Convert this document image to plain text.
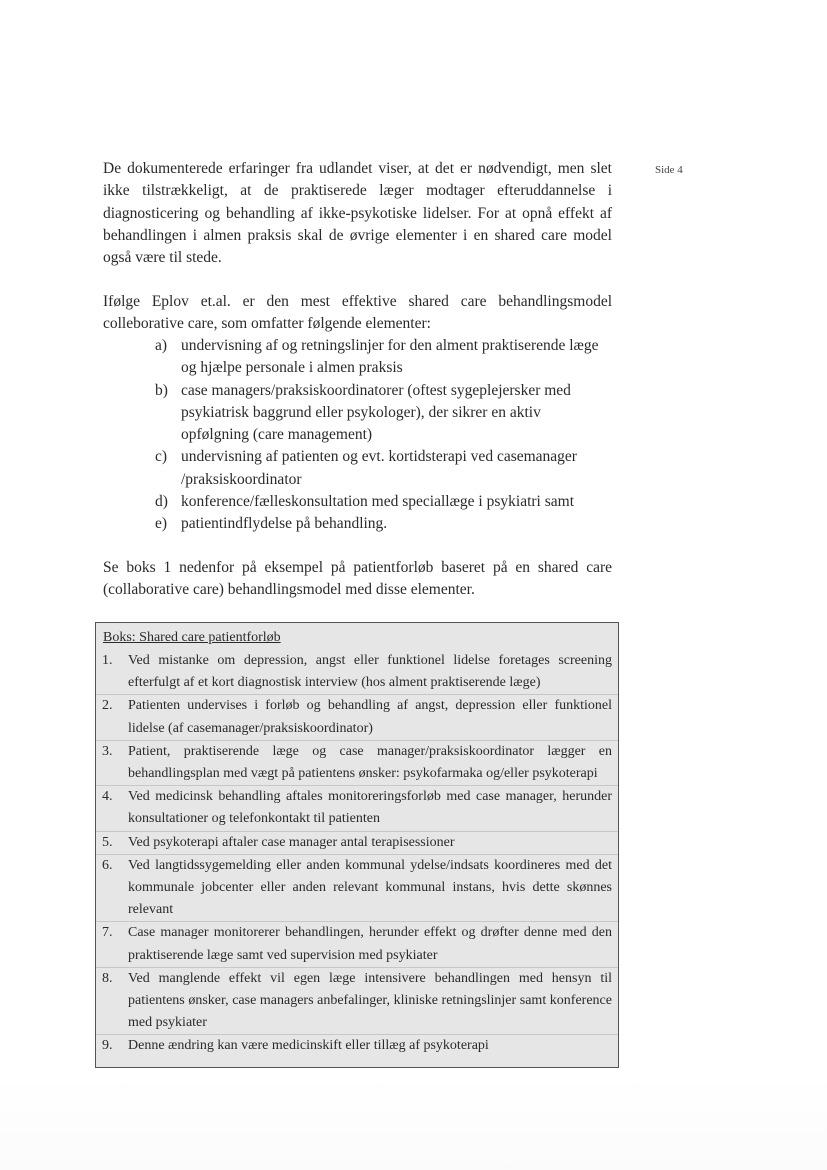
Side 4

De dokumenterede erfaringer fra udlandet viser, at det er nødvendigt, men slet ikke tilstrækkeligt, at de praktiserede læger modtager efteruddannelse i diagnosticering og behandling af ikke-psykotiske lidelser. For at opnå effekt af behandlingen i almen praksis skal de øvrige elementer i en shared care model også være til stede.

Ifølge Eplov et.al. er den mest effektive shared care behandlingsmodel colleborative care, som omfatter følgende elementer:

a) undervisning af og retningslinjer for den alment praktiserende læge og hjælpe personale i almen praksis
b) case managers/praksiskoordinatorer (oftest sygeplejersker med psykiatrisk baggrund eller psykologer), der sikrer en aktiv opfølgning (care management)
c) undervisning af patienten og evt. kortidsterapi ved casemanager /praksiskoordinator
d) konference/fælleskonsultation med speciallæge i psykiatri samt
e) patientindflydelse på behandling.

Se boks 1 nedenfor på eksempel på patientforløb baseret på en shared care (collaborative care) behandlingsmodel med disse elementer.

Boks: Shared care patientforløb
1. Ved mistanke om depression, angst eller funktionel lidelse foretages screening efterfulgt af et kort diagnostisk interview (hos alment praktiserende læge)
2. Patienten undervises i forløb og behandling af angst, depression eller funktionel lidelse (af casemanager/praksiskoordinator)
3. Patient, praktiserende læge og case manager/praksiskoordinator lægger en behandlingsplan med vægt på patientens ønsker: psykofarmaka og/eller psykoterapi
4. Ved medicinsk behandling aftales monitoreringsforløb med case manager, herunder konsultationer og telefonkontakt til patienten
5. Ved psykoterapi aftaler case manager antal terapisessioner
6. Ved langtidssygemelding eller anden kommunal ydelse/indsats koordineres med det kommunale jobcenter eller anden relevant kommunal instans, hvis dette skønnes relevant
7. Case manager monitorerer behandlingen, herunder effekt og drøfter denne med den praktiserende læge samt ved supervision med psykiater
8. Ved manglende effekt vil egen læge intensivere behandlingen med hensyn til patientens ønsker, case managers anbefalinger, kliniske retningslinjer samt konference med psykiater
9. Denne ændring kan være medicinskift eller tillæg af psykoterapi
